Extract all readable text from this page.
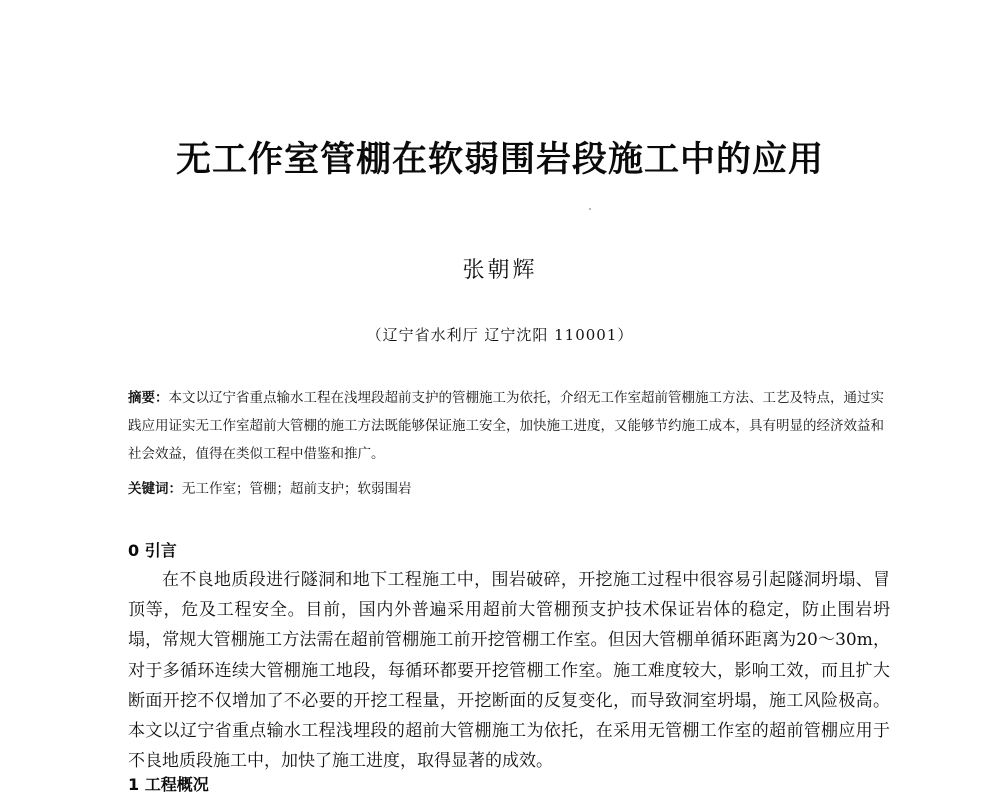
无工作室管棚在软弱围岩段施工中的应用
张朝辉
（辽宁省水利厅 辽宁沈阳 110001）
摘要：本文以辽宁省重点输水工程在浅埋段超前支护的管棚施工为依托，介绍无工作室超前管棚施工方法、工艺及特点，通过实践应用证实无工作室超前大管棚的施工方法既能够保证施工安全，加快施工进度，又能够节约施工成本，具有明显的经济效益和社会效益，值得在类似工程中借鉴和推广。
关键词：无工作室；管棚；超前支护；软弱围岩
0 引言
在不良地质段进行隧洞和地下工程施工中，围岩破碎，开挖施工过程中很容易引起隧洞坍塌、冒顶等，危及工程安全。目前，国内外普遍采用超前大管棚预支护技术保证岩体的稳定，防止围岩坍塌，常规大管棚施工方法需在超前管棚施工前开挖管棚工作室。但因大管棚单循环距离为20～30m，对于多循环连续大管棚施工地段，每循环都要开挖管棚工作室。施工难度较大，影响工效，而且扩大断面开挖不仅增加了不必要的开挖工程量，开挖断面的反复变化，而导致洞室坍塌，施工风险极高。本文以辽宁省重点输水工程浅埋段的超前大管棚施工为依托，在采用无管棚工作室的超前管棚应用于不良地质段施工中，加快了施工进度，取得显著的成效。
1 工程概况
